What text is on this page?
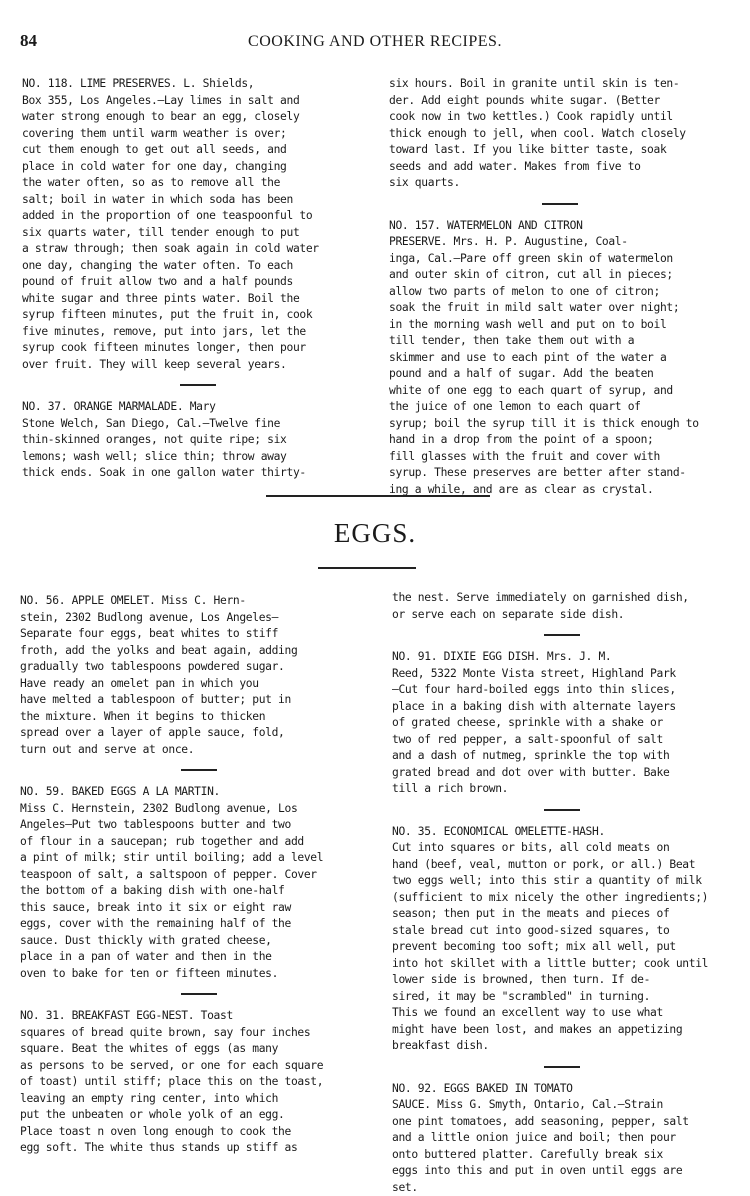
84	COOKING AND OTHER RECIPES.

NO. 118. LIME PRESERVES. L. Shields,

Box 355, Los Angeles.—Lay limes in salt and

water strong enough to bear an egg, closely

covering them until warm weather is over;

cut them enough to get out all seeds, and

place in cold water for one day, changing

the water often, so as to remove all the

salt; boil in water in which soda has been

added in the proportion of one teaspoonful to

six quarts water, till tender enough to put

a straw through; then soak again in cold water

one day, changing the water often. To each

pound of fruit allow two and a half pounds

white sugar and three pints water. Boil the

syrup fifteen minutes, put the fruit in, cook

five minutes, remove, put into jars, let the

syrup cook fifteen minutes longer, then pour

over fruit. They will keep several years.

NO. 37. ORANGE MARMALADE. Mary

Stone Welch, San Diego, Cal.—Twelve fine

thin-skinned oranges, not quite ripe; six

lemons; wash well; slice thin; throw away

thick ends. Soak in one gallon water thirty-

six hours. Boil in granite until skin is ten-

der. Add eight pounds white sugar. (Better

cook now in two kettles.) Cook rapidly until

thick enough to jell, when cool. Watch closely

toward last. If you like bitter taste, soak

seeds and add water. Makes from five to

six quarts.

NO. 157. WATERMELON AND CITRON

PRESERVE. Mrs. H. P. Augustine, Coal-

inga, Cal.—Pare off green skin of watermelon

and outer skin of citron, cut all in pieces;

allow two parts of melon to one of citron;

soak the fruit in mild salt water over night;

in the morning wash well and put on to boil

till tender, then take them out with a

skimmer and use to each pint of the water a

pound and a half of sugar. Add the beaten

white of one egg to each quart of syrup, and

the juice of one lemon to each quart of

syrup; boil the syrup till it is thick enough to

hand in a drop from the point of a spoon;

fill glasses with the fruit and cover with

syrup. These preserves are better after stand-

ing a while, and are as clear as crystal.

EGGS.

NO. 56. APPLE OMELET. Miss C. Hern-

stein, 2302 Budlong avenue, Los Angeles—

Separate four eggs, beat whites to stiff

froth, add the yolks and beat again, adding

gradually two tablespoons powdered sugar.

Have ready an omelet pan in which you

have melted a tablespoon of butter; put in

the mixture. When it begins to thicken

spread over a layer of apple sauce, fold,

turn out and serve at once.

NO. 59. BAKED EGGS A LA MARTIN.

Miss C. Hernstein, 2302 Budlong avenue, Los

Angeles—Put two tablespoons butter and two

of flour in a saucepan; rub together and add

a pint of milk; stir until boiling; add a level

teaspoon of salt, a saltspoon of pepper. Cover

the bottom of a baking dish with one-half

this sauce, break into it six or eight raw

eggs, cover with the remaining half of the

sauce. Dust thickly with grated cheese,

place in a pan of water and then in the

oven to bake for ten or fifteen minutes.

NO. 31. BREAKFAST EGG-NEST. Toast

squares of bread quite brown, say four inches

square. Beat the whites of eggs (as many

as persons to be served, or one for each square

of toast) until stiff; place this on the toast,

leaving an empty ring center, into which

put the unbeaten or whole yolk of an egg.

Place toast n oven long enough to cook the

egg soft. The white thus stands up stiff as

the nest. Serve immediately on garnished dish,

or serve each on separate side dish.

NO. 91. DIXIE EGG DISH. Mrs. J. M.

Reed, 5322 Monte Vista street, Highland Park

—Cut four hard-boiled eggs into thin slices,

place in a baking dish with alternate layers

of grated cheese, sprinkle with a shake or

two of red pepper, a salt-spoonful of salt

and a dash of nutmeg, sprinkle the top with

grated bread and dot over with butter. Bake

till a rich brown.

NO. 35. ECONOMICAL OMELETTE-HASH.

Cut into squares or bits, all cold meats on

hand (beef, veal, mutton or pork, or all.) Beat

two eggs well; into this stir a quantity of milk

(sufficient to mix nicely the other ingredients;)

season; then put in the meats and pieces of

stale bread cut into good-sized squares, to

prevent becoming too soft; mix all well, put

into hot skillet with a little butter; cook until

lower side is browned, then turn. If de-

sired, it may be "scrambled" in turning.

This we found an excellent way to use what

might have been lost, and makes an appetizing

breakfast dish.

NO. 92. EGGS BAKED IN TOMATO

SAUCE. Miss G. Smyth, Ontario, Cal.—Strain

one pint tomatoes, add seasoning, pepper, salt

and a little onion juice and boil; then pour

onto buttered platter. Carefully break six

eggs into this and put in oven until eggs are

set.
